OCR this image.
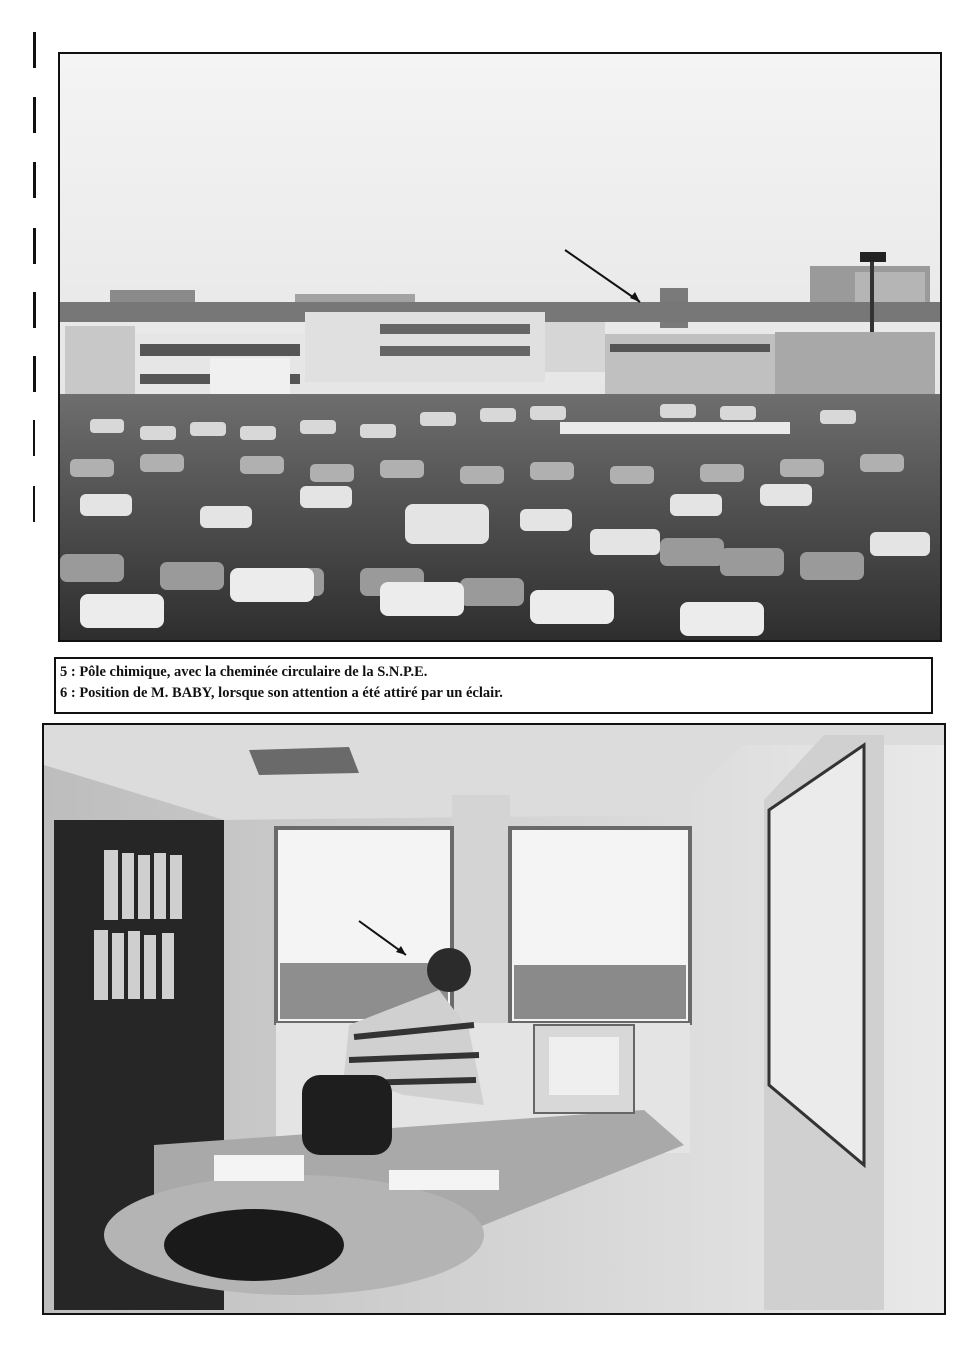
5 : Pôle chimique, avec la cheminée circulaire de la S.N.P.E.
6 : Position de M. BABY, lorsque son attention a été attiré par un éclair.
